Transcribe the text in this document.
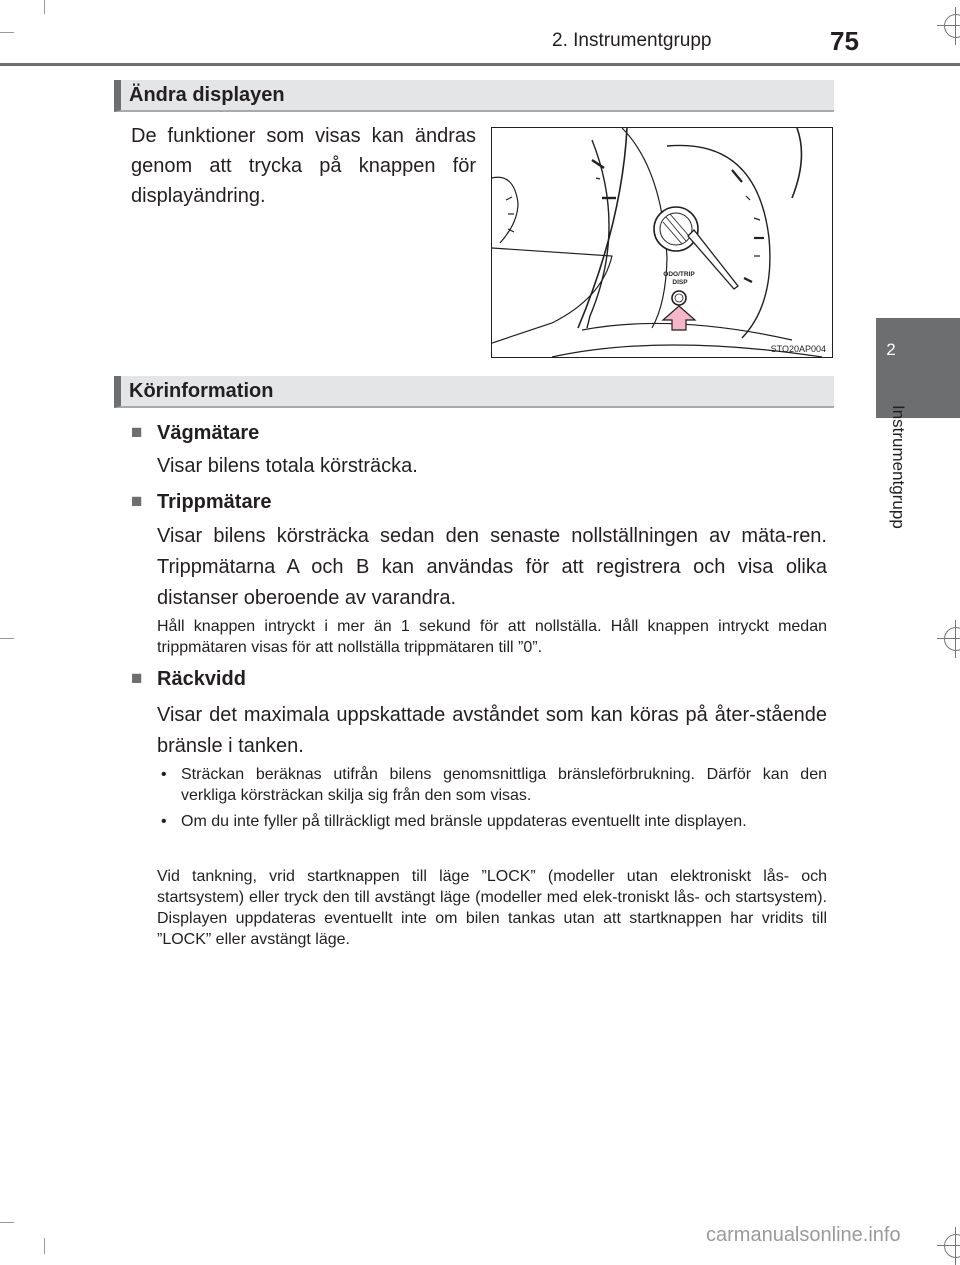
2. Instrumentgrupp	75
2
Instrumentgrupp
Ändra displayen
De funktioner som visas kan ändras genom att trycka på knappen för displayändring.
ODO/TRIP
DISP
STO20AP004
Körinformation
■ Vägmätare
Visar bilens totala körsträcka.
■ Trippmätare
Visar bilens körsträcka sedan den senaste nollställningen av mäta-ren. Trippmätarna A och B kan användas för att registrera och visa olika distanser oberoende av varandra.
Håll knappen intryckt i mer än 1 sekund för att nollställa. Håll knappen intryckt medan trippmätaren visas för att nollställa trippmätaren till ”0”.
■ Räckvidd
Visar det maximala uppskattade avståndet som kan köras på åter-stående bränsle i tanken.
• Sträckan beräknas utifrån bilens genomsnittliga bränsleförbrukning. Därför kan den verkliga körsträckan skilja sig från den som visas.
• Om du inte fyller på tillräckligt med bränsle uppdateras eventuellt inte displayen.
Vid tankning, vrid startknappen till läge ”LOCK” (modeller utan elektroniskt lås- och startsystem) eller tryck den till avstängt läge (modeller med elek-troniskt lås- och startsystem). Displayen uppdateras eventuellt inte om bilen tankas utan att startknappen har vridits till ”LOCK” eller avstängt läge.
carmanualsonline.info
